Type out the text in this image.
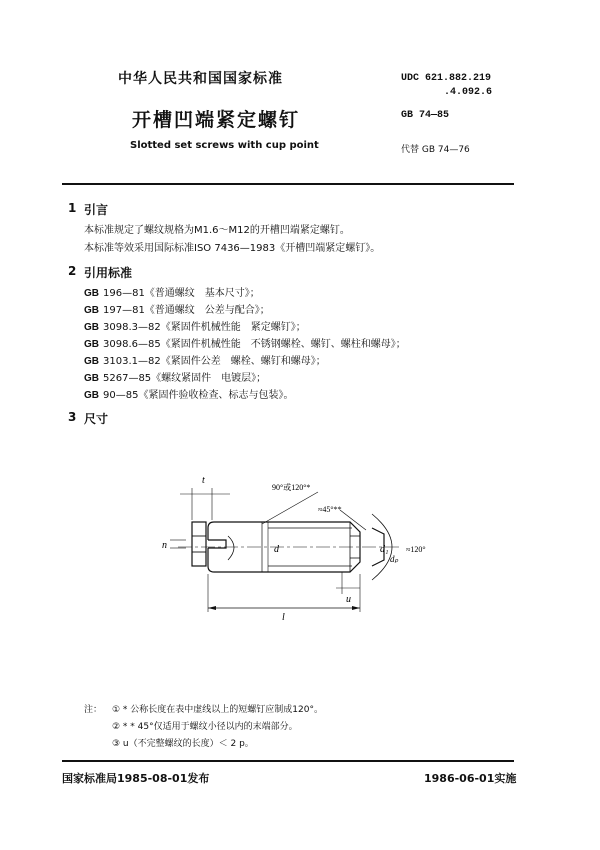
中华人民共和国国家标准
开槽凹端紧定螺钉
Slotted set screws with cup point
UDC 621.882.219
.4.092.6
GB 74—85
代替 GB 74—76
1 引言
本标准规定了螺纹规格为M1.6～M12的开槽凹端紧定螺钉。
本标准等效采用国际标准ISO 7436—1983《开槽凹端紧定螺钉》。
2 引用标准
GB 196—81《普通螺纹　基本尺寸》；
GB 197—81《普通螺纹　公差与配合》；
GB 3098.3—82《紧固件机械性能　紧定螺钉》；
GB 3098.6—85《紧固件机械性能　不锈钢螺栓、螺钉、螺柱和螺母》；
GB 3103.1—82《紧固件公差　螺栓、螺钉和螺母》；
GB 5267—85《螺纹紧固件　电镀层》；
GB 90—85《紧固件验收检查、标志与包装》。
3 尺寸
t
n	d	d₁
dₚ
u
l
90°或120°*
≈45°**
≈120°
注： ① * 公称长度在表中虚线以上的短螺钉应制成120°。
② * * 45°仅适用于螺纹小径以内的末端部分。
③ u（不完整螺纹的长度）＜ 2 p。
国家标准局1985-08-01发布	1986-06-01实施
